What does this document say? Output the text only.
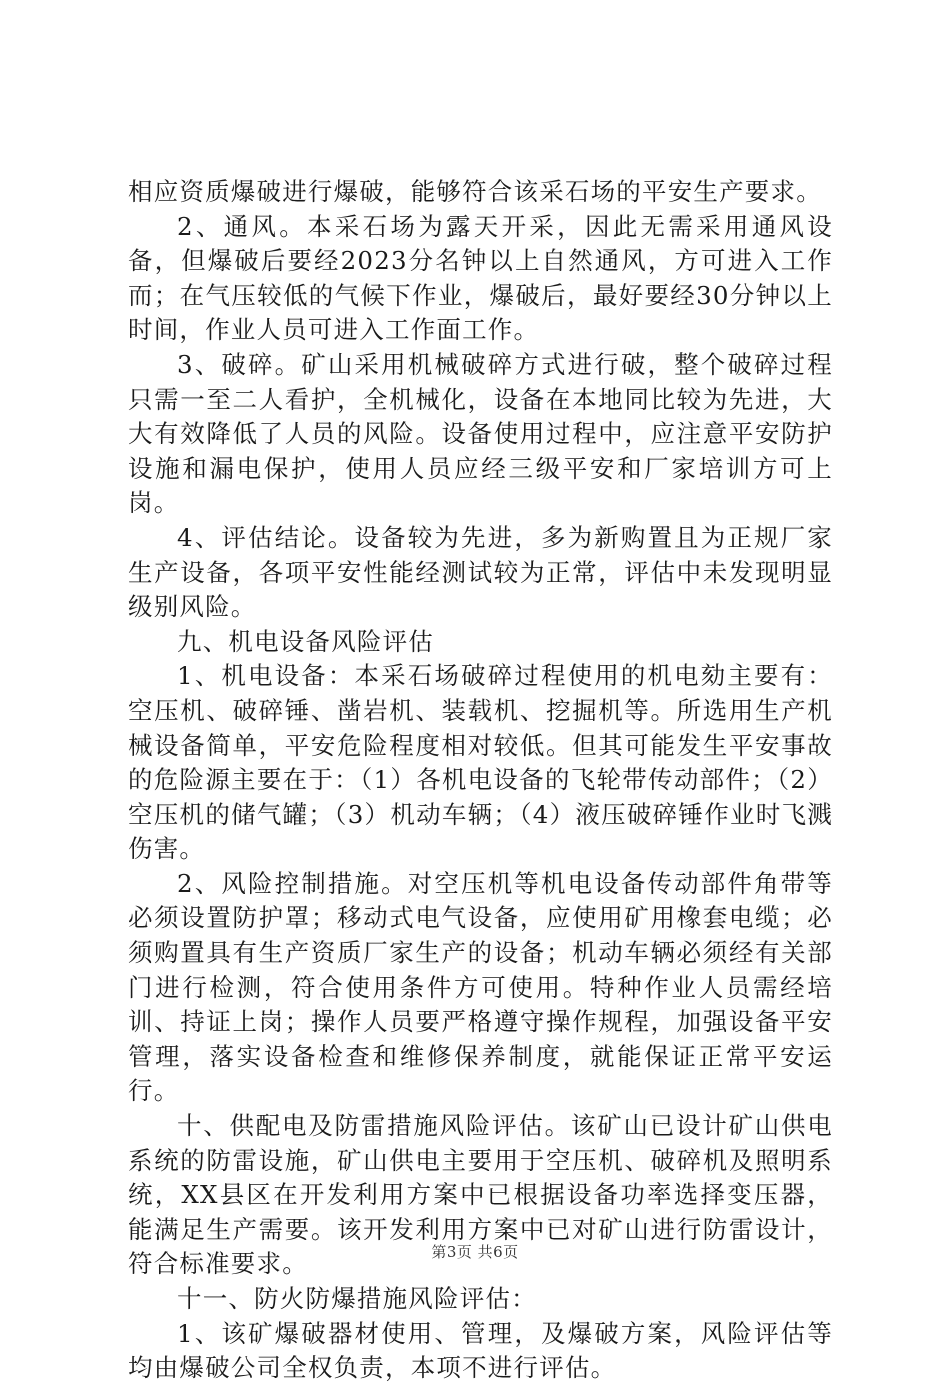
相应资质爆破进行爆破，能够符合该采石场的平安生产要求。

2、通风。本采石场为露天开采，因此无需采用通风设备，但爆破后要经2023分名钟以上自然通风，方可进入工作而；在气压较低的气候下作业，爆破后，最好要经30分钟以上时间，作业人员可进入工作面工作。

3、破碎。矿山采用机械破碎方式进行破，整个破碎过程只需一至二人看护，全机械化，设备在本地同比较为先进，大大有效降低了人员的风险。设备使用过程中，应注意平安防护设施和漏电保护，使用人员应经三级平安和厂家培训方可上岗。

4、评估结论。设备较为先进，多为新购置且为正规厂家生产设备，各项平安性能经测试较为正常，评估中未发现明显级别风险。

九、机电设备风险评估

1、机电设备：本采石场破碎过程使用的机电劾主要有：空压机、破碎锤、凿岩机、装载机、挖掘机等。所选用生产机械设备简单，平安危险程度相对较低。但其可能发生平安事故的危险源主要在于：（1）各机电设备的飞轮带传动部件；（2）空压机的储气罐；（3）机动车辆；（4）液压破碎锤作业时飞溅伤害。

2、风险控制措施。对空压机等机电设备传动部件角带等必须设置防护罩；移动式电气设备，应使用矿用橡套电缆；必须购置具有生产资质厂家生产的设备；机动车辆必须经有关部门进行检测，符合使用条件方可使用。特种作业人员需经培训、持证上岗；操作人员要严格遵守操作规程，加强设备平安管理，落实设备检查和维修保养制度，就能保证正常平安运行。

十、供配电及防雷措施风险评估。该矿山已设计矿山供电系统的防雷设施，矿山供电主要用于空压机、破碎机及照明系统，XX县区在开发利用方案中已根据设备功率选择变压器，能满足生产需要。该开发利用方案中已对矿山进行防雷设计，符合标准要求。

十一、防火防爆措施风险评估：

1、该矿爆破器材使用、管理，及爆破方案，风险评估等均由爆破公司全权负责，本项不进行评估。

第3页 共6页
